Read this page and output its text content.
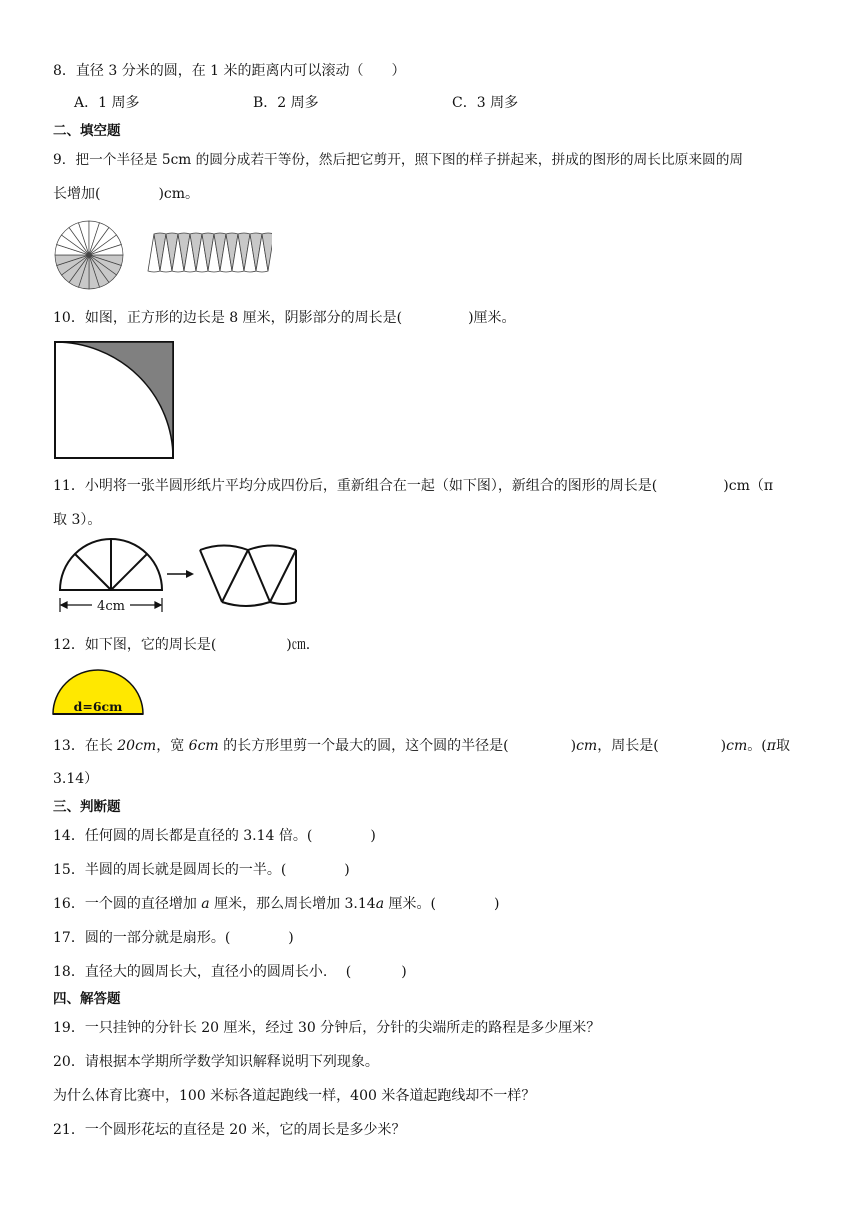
8．直径 3 分米的圆，在 1 米的距离内可以滚动（　　）
A．1 周多	B．2 周多	C．3 周多
二、填空题
9．把一个半径是 5cm 的圆分成若干等份，然后把它剪开，照下图的样子拼起来，拼成的图形的周长比原来圆的周
长增加(	)cm。
10．如图，正方形的边长是 8 厘米，阴影部分的周长是(	)厘米。
11．小明将一张半圆形纸片平均分成四份后，重新组合在一起（如下图），新组合的图形的周长是(	)cm（π
取 3）。
4cm
12．如下图，它的周长是(	)㎝.
d=6cm
13．在长 20cm，宽 6cm 的长方形里剪一个最大的圆，这个圆的半径是(	)cm，周长是(	)cm。(π取
3.14）
三、判断题
14．任何圆的周长都是直径的 3.14 倍。(	)
15．半圆的周长就是圆周长的一半。(	)
16．一个圆的直径增加 a 厘米，那么周长增加 3.14a 厘米。(	)
17．圆的一部分就是扇形。(	)
18．直径大的圆周长大，直径小的圆周长小.　 (	)
四、解答题
19．一只挂钟的分针长 20 厘米，经过 30 分钟后，分针的尖端所走的路程是多少厘米？
20．请根据本学期所学数学知识解释说明下列现象。
为什么体育比赛中，100 米标各道起跑线一样，400 米各道起跑线却不一样？
21．一个圆形花坛的直径是 20 米，它的周长是多少米？
